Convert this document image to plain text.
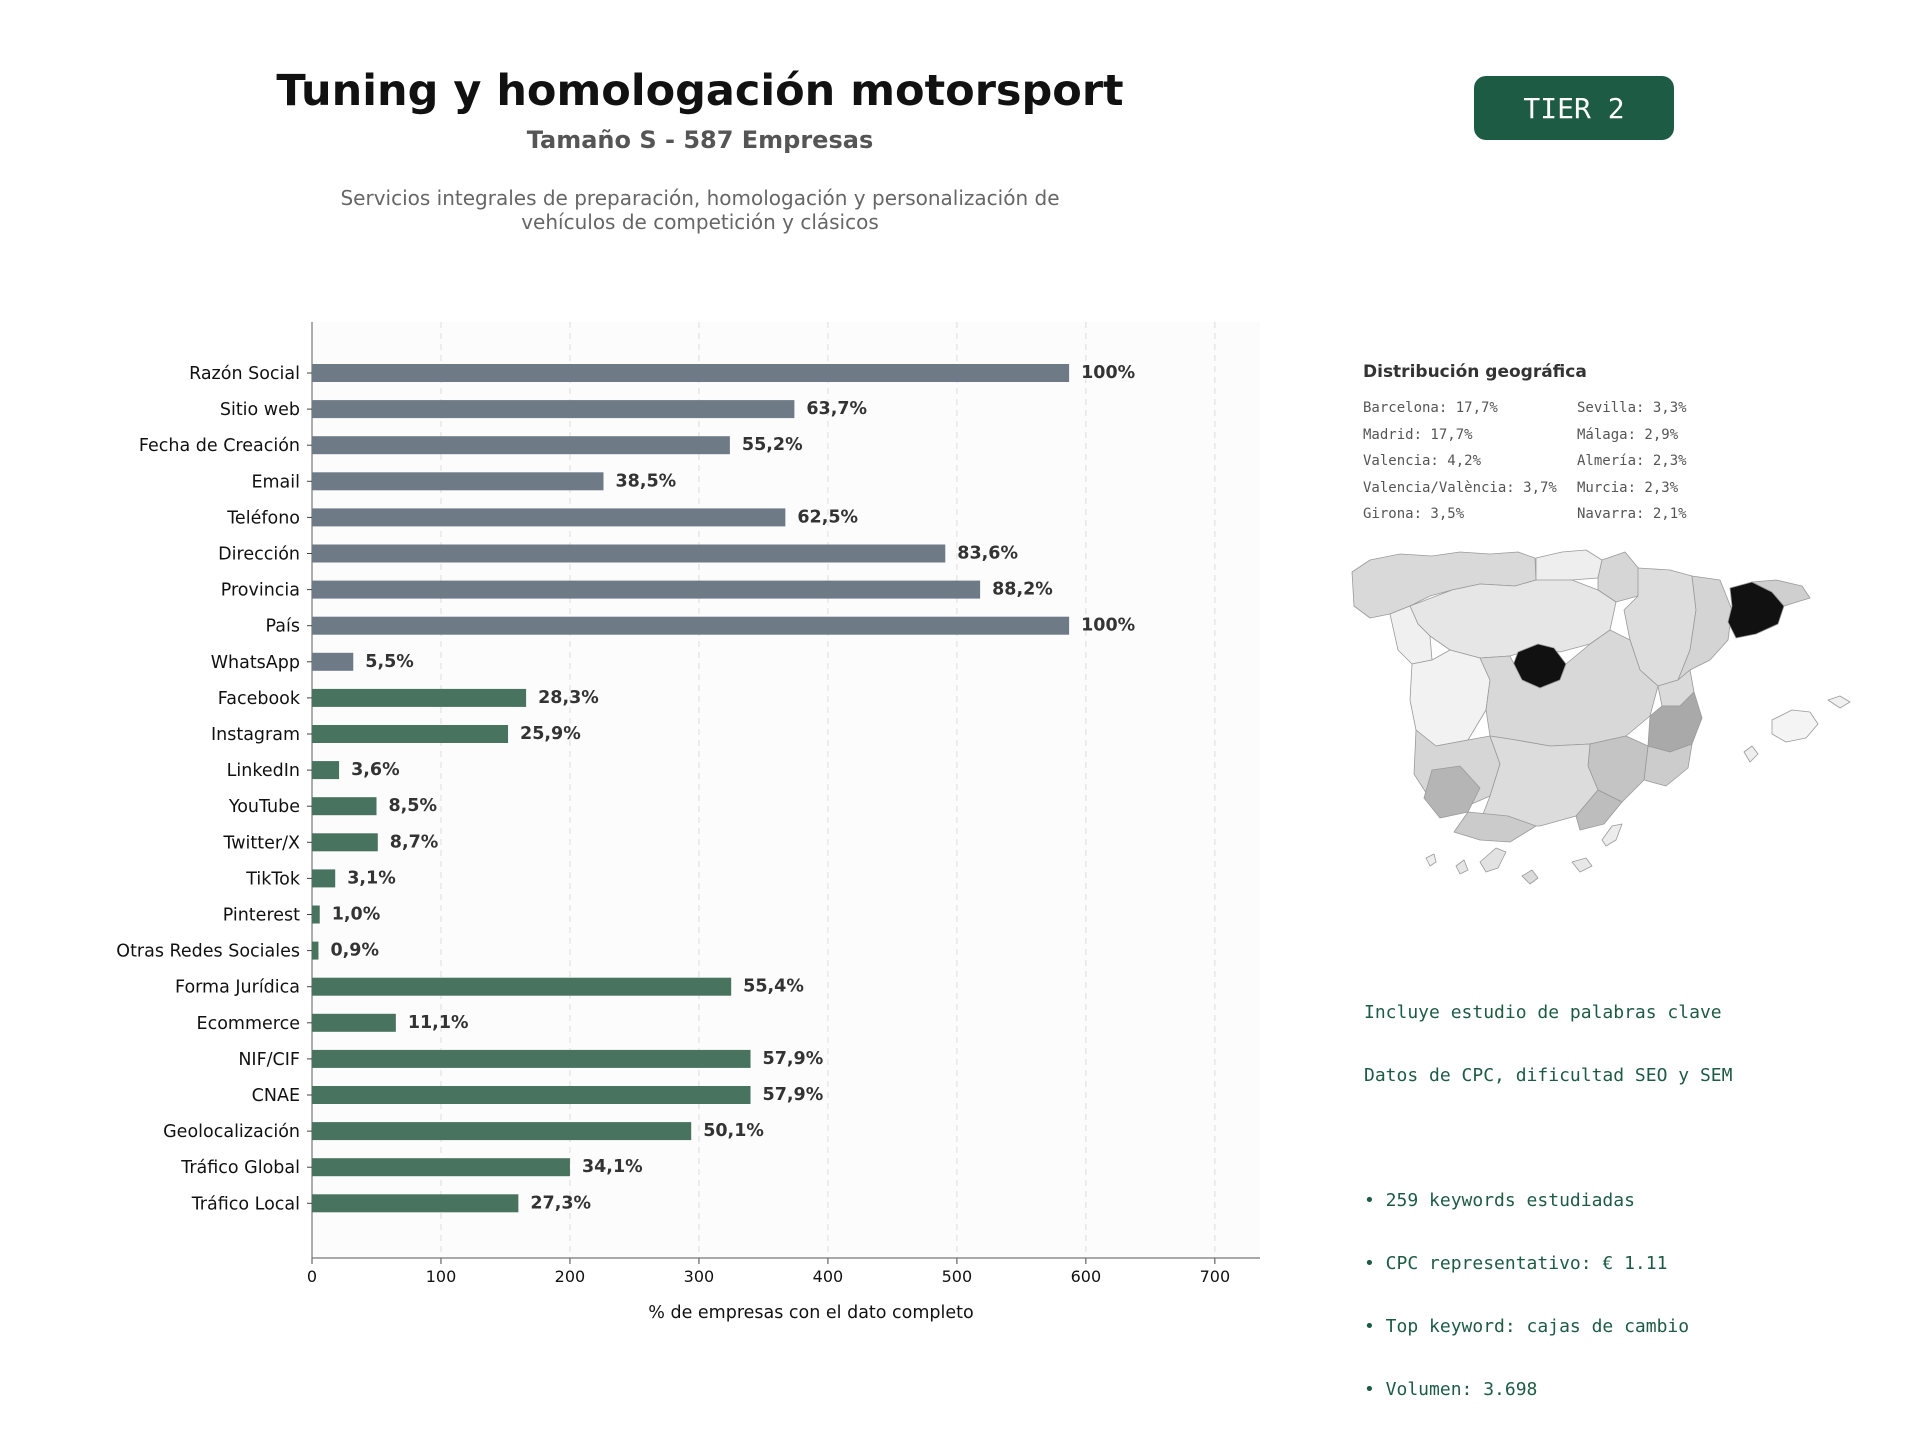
Tuning y homologación motorsport
Tamaño S - 587 Empresas
Servicios integrales de preparación, homologación y personalización de
vehículos de competición y clásicos
TIER 2
0	100	200	300	400	500	600	700
Razón Social	100%
Sitio web	63,7%
Fecha de Creación	55,2%
Email	38,5%
Teléfono	62,5%
Dirección	83,6%
Provincia	88,2%
País	100%
WhatsApp	5,5%
Facebook	28,3%
Instagram	25,9%
LinkedIn	3,6%
YouTube	8,5%
Twitter/X	8,7%
TikTok	3,1%
Pinterest 1,0%
Otras Redes Sociales 0,9%
Forma Jurídica	55,4%
Ecommerce	11,1%
NIF/CIF	57,9%
CNAE	57,9%
Geolocalización	50,1%
Tráfico Global	34,1%
Tráfico Local	27,3%
% de empresas con el dato completo
Distribución geográfica
Barcelona: 17,7%	Sevilla: 3,3%
Madrid: 17,7%	Málaga: 2,9%
Valencia: 4,2%	Almería: 2,3%
Valencia/València: 3,7%	Murcia: 2,3%
Girona: 3,5%	Navarra: 2,1%

Incluye estudio de palabras clave

Datos de CPC, dificultad SEO y SEM

• 259 keywords estudiadas

• CPC representativo: € 1.11

• Top keyword: cajas de cambio

• Volumen: 3.698
